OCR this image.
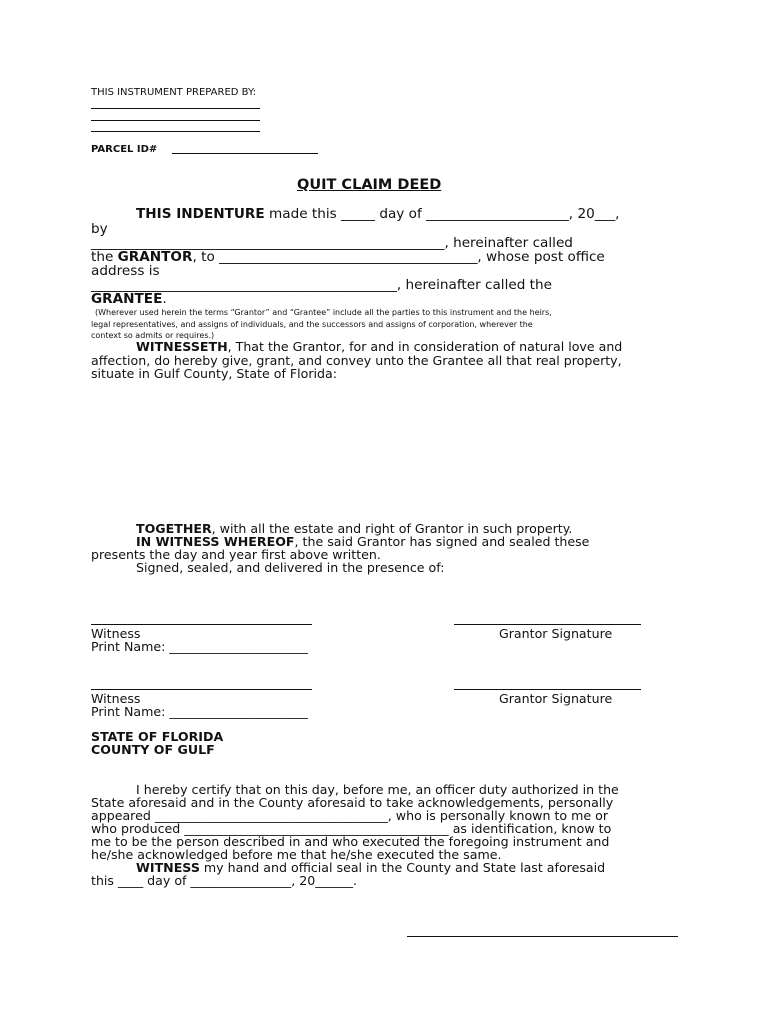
THIS INSTRUMENT PREPARED BY:
PARCEL ID#
QUIT CLAIM DEED
THIS INDENTURE made this _____ day of _____________________, 20___,
by
____________________________________________________, hereinafter called
the GRANTOR, to ______________________________________, whose post office
address is
_____________________________________________, hereinafter called the
GRANTEE.
(Wherever used herein the terms “Grantor” and “Grantee” include all the parties to this instrument and the heirs,
legal representatives, and assigns of individuals, and the successors and assigns of corporation, wherever the
context so admits or requires.)
WITNESSETH, That the Grantor, for and in consideration of natural love and
affection, do hereby give, grant, and convey unto the Grantee all that real property,
situate in Gulf County, State of Florida:
TOGETHER, with all the estate and right of Grantor in such property.
IN WITNESS WHEREOF, the said Grantor has signed and sealed these
presents the day and year first above written.
Signed, sealed, and delivered in the presence of:
Witness	Grantor Signature
Print Name: ______________________
Witness	Grantor Signature
Print Name: ______________________
STATE OF FLORIDA
COUNTY OF GULF
I hereby certify that on this day, before me, an officer duty authorized in the
State aforesaid and in the County aforesaid to take acknowledgements, personally
appeared _____________________________________, who is personally known to me or
who produced __________________________________________ as identification, know to
me to be the person described in and who executed the foregoing instrument and
he/she acknowledged before me that he/she executed the same.
WITNESS my hand and official seal in the County and State last aforesaid
this ____ day of ________________, 20______.
